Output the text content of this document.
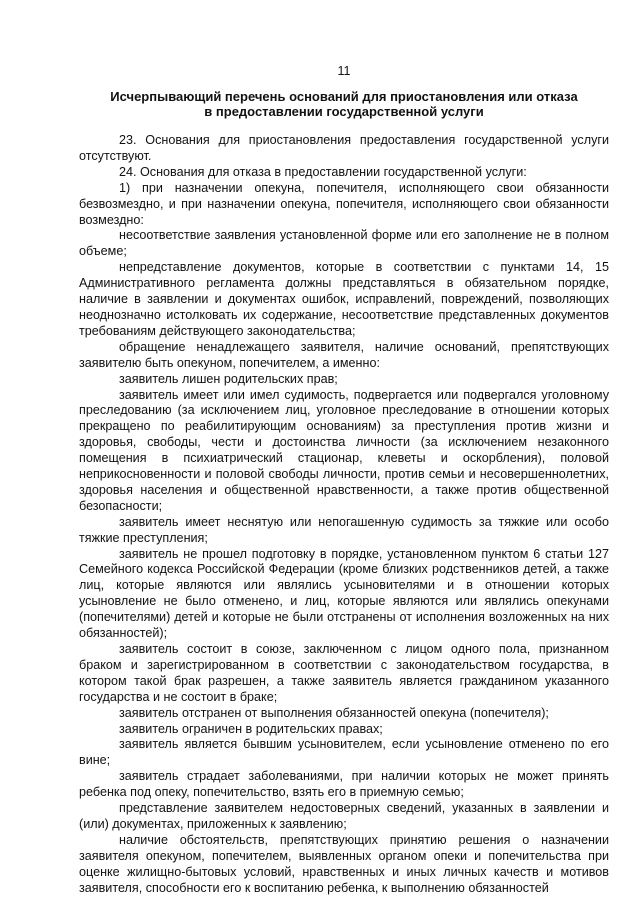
11
Исчерпывающий перечень оснований для приостановления или отказа
в предоставлении государственной услуги

23. Основания для приостановления предоставления государственной услуги отсутствуют.

24. Основания для отказа в предоставлении государственной услуги:

1) при назначении опекуна, попечителя, исполняющего свои обязанности безвозмездно, и при назначении опекуна, попечителя, исполняющего свои обязанности возмездно:

несоответствие заявления установленной форме или его заполнение не в полном объеме;

непредставление документов, которые в соответствии с пунктами 14, 15 Административного регламента должны представляться в обязательном порядке, наличие в заявлении и документах ошибок, исправлений, повреждений, позволяющих неоднозначно истолковать их содержание, несоответствие представленных документов требованиям действующего законодательства;

обращение ненадлежащего заявителя, наличие оснований, препятствующих заявителю быть опекуном, попечителем, а именно:

заявитель лишен родительских прав;

заявитель имеет или имел судимость, подвергается или подвергался уголовному преследованию (за исключением лиц, уголовное преследование в отношении которых прекращено по реабилитирующим основаниям) за преступления против жизни и здоровья, свободы, чести и достоинства личности (за исключением незаконного помещения в психиатрический стационар, клеветы и оскорбления), половой неприкосновенности и половой свободы личности, против семьи и несовершеннолетних, здоровья населения и общественной нравственности, а также против общественной безопасности;

заявитель имеет неснятую или непогашенную судимость за тяжкие или особо тяжкие преступления;

заявитель не прошел подготовку в порядке, установленном пунктом 6 статьи 127 Семейного кодекса Российской Федерации (кроме близких родственников детей, а также лиц, которые являются или являлись усыновителями и в отношении которых усыновление не было отменено, и лиц, которые являются или являлись опекунами (попечителями) детей и которые не были отстранены от исполнения возложенных на них обязанностей);

заявитель состоит в союзе, заключенном с лицом одного пола, признанном браком и зарегистрированном в соответствии с законодательством государства, в котором такой брак разрешен, а также заявитель является гражданином указанного государства и не состоит в браке;

заявитель отстранен от выполнения обязанностей опекуна (попечителя);

заявитель ограничен в родительских правах;

заявитель является бывшим усыновителем, если усыновление отменено по его вине;

заявитель страдает заболеваниями, при наличии которых не может принять ребенка под опеку, попечительство, взять его в приемную семью;

представление заявителем недостоверных сведений, указанных в заявлении и (или) документах, приложенных к заявлению;

наличие обстоятельств, препятствующих принятию решения о назначении заявителя опекуном, попечителем, выявленных органом опеки и попечительства при оценке жилищно-бытовых условий, нравственных и иных личных качеств и мотивов заявителя, способности его к воспитанию ребенка, к выполнению обязанностей
